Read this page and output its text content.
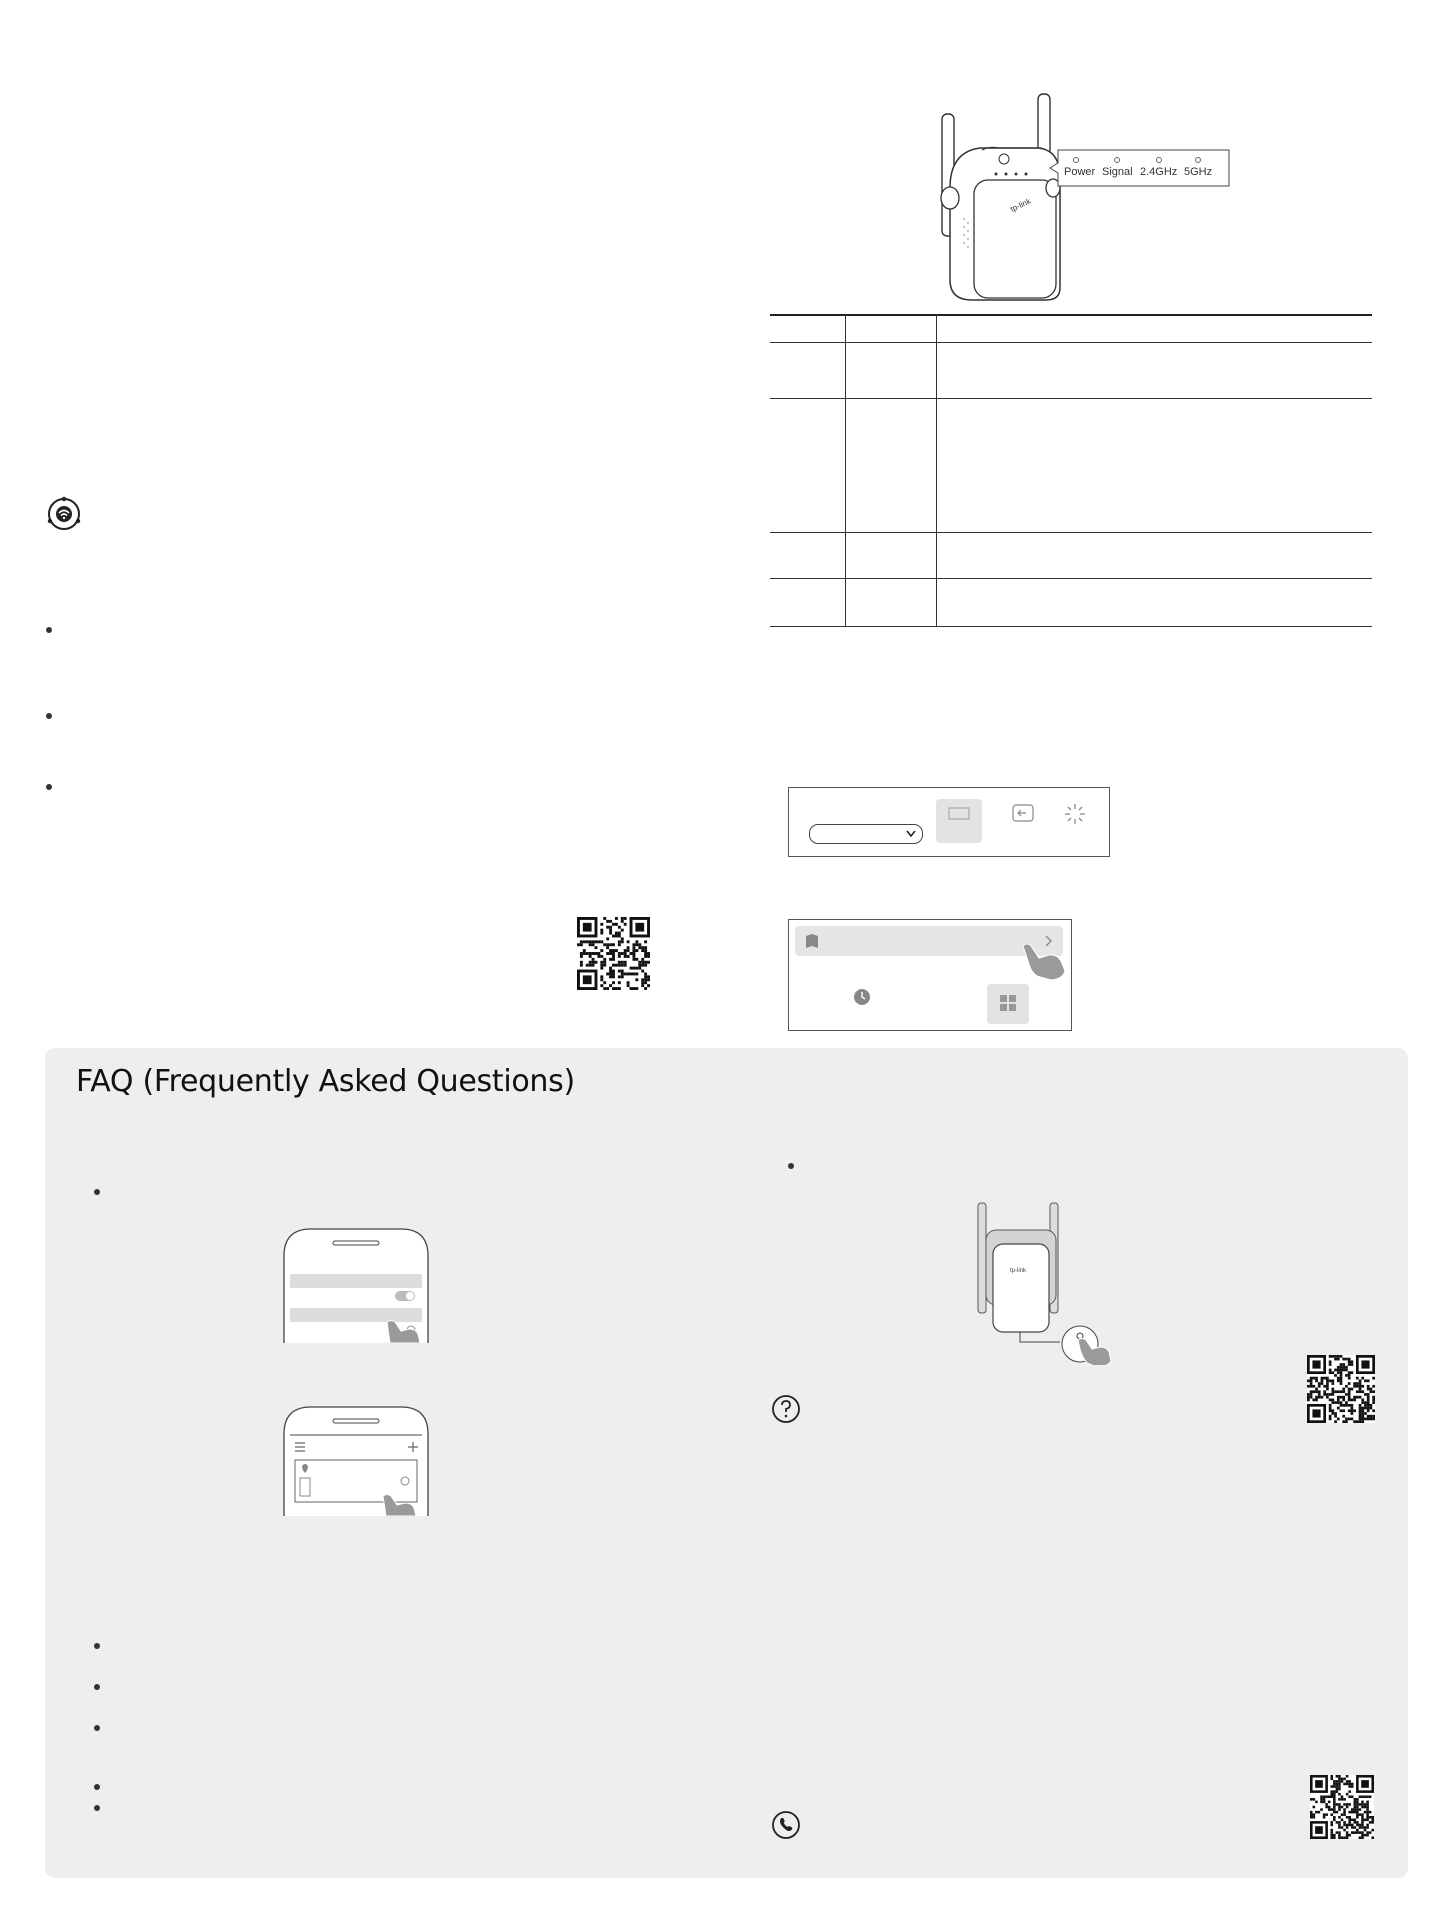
tp-link
Power Signal 2.4GHz 5GHz
FAQ (Frequently Asked Questions)
tp-link
